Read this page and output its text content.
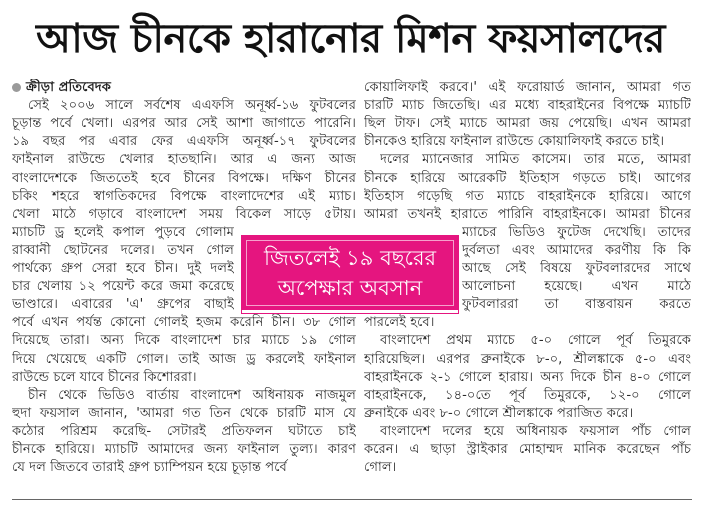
আজ চীনকে হারানোর মিশন ফয়সালদের
ক্রীড়া প্রতিবেদক
সেই ২০০৬ সালে সর্বশেষ এএফসি অনূর্ধ্ব-১৬ ফুটবলের
চূড়ান্ত পর্বে খেলা। এরপর আর সেই আশা জাগাতে পারেনি।
১৯ বছর পর এবার ফের এএফসি অনূর্ধ্ব-১৭ ফুটবলের
ফাইনাল রাউন্ডে খেলার হাতছানি। আর এ জন্য আজ
বাংলাদেশকে জিততেই হবে চীনের বিপক্ষে। দক্ষিণ চীনের
চকিং শহরে স্বাগতিকদের বিপক্ষে বাংলাদেশের এই ম্যাচ।
খেলা মাঠে গড়াবে বাংলাদেশ সময় বিকেল সাড়ে ৫টায়।
ম্যাচটি ড্র হলেই কপাল পুড়বে গোলাম
রাব্বানী ছোটনের দলের। তখন গোল
পার্থক্যে গ্রুপ সেরা হবে চীন। দুই দলই
চার খেলায় ১২ পয়েন্ট করে জমা করেছে
ভাণ্ডারে। এবারের 'এ' গ্রুপের বাছাই
পর্বে এখন পর্যন্ত কোনো গোলই হজম করেনি চীন। ৩৮ গোল
দিয়েছে তারা। অন্য দিকে বাংলাদেশ চার ম্যাচে ১৯ গোল
দিয়ে খেয়েছে একটি গোল। তাই আজ ড্র করলেই ফাইনাল
রাউন্ডে চলে যাবে চীনের কিশোররা।
চীন থেকে ভিডিও বার্তায় বাংলাদেশ অধিনায়ক নাজমুল
হুদা ফয়সাল জানান, 'আমরা গত তিন থেকে চারটি মাস যে
কঠোর পরিশ্রম করেছি- সেটারই প্রতিফলন ঘটাতে চাই
চীনকে হারিয়ে। ম্যাচটি আমাদের জন্য ফাইনাল তুল্য। কারণ
যে দল জিতবে তারাই গ্রুপ চ্যাম্পিয়ন হয়ে চূড়ান্ত পর্বে
কোয়ালিফাই করবে।' এই ফরোয়ার্ড জানান, আমরা গত
চারটি ম্যাচ জিতেছি। এর মধ্যে বাহরাইনের বিপক্ষে ম্যাচটি
ছিল টাফ। সেই ম্যাচে আমরা জয় পেয়েছি। এখন আমরা
চীনকেও হারিয়ে ফাইনাল রাউন্ডে কোয়ালিফাই করতে চাই।
দলের ম্যানেজার সামিত কাসেম। তার মতে, আমরা
চীনকে হারিয়ে আরেকটি ইতিহাস গড়তে চাই। আগের
ইতিহাস গড়েছি গত ম্যাচে বাহরাইনকে হারিয়ে। আগে
আমরা তখনই হারাতে পারিনি বাহরাইনকে। আমরা চীনের
ম্যাচের ভিডিও ফুটেজ দেখেছি। তাদের
দুর্বলতা এবং আমাদের করণীয় কি কি
আছে সেই বিষয়ে ফুটবলারদের সাথে
আলোচনা হয়েছে। এখন মাঠে
ফুটবলাররা তা বাস্তবায়ন করতে
পারলেই হবে।
বাংলাদেশ প্রথম ম্যাচে ৫-০ গোলে পূর্ব তিমুরকে
হারিয়েছিল। এরপর ব্রুনাইকে ৮-০, শ্রীলঙ্কাকে ৫-০ এবং
বাহরাইনকে ২-১ গোলে হারায়। অন্য দিকে চীন ৪-০ গোলে
বাহরাইনকে, ১৪-০তে পূর্ব তিমুরকে, ১২-০ গোলে
ব্রুনাইকে এবং ৮-০ গোলে শ্রীলঙ্কাকে পরাজিত করে।
বাংলাদেশ দলের হয়ে অধিনায়ক ফয়সাল পাঁচ গোল
করেন। এ ছাড়া স্ট্রাইকার মোহাম্মদ মানিক করেছেন পাঁচ
গোল।
জিতলেই ১৯ বছরের
অপেক্ষার অবসান
